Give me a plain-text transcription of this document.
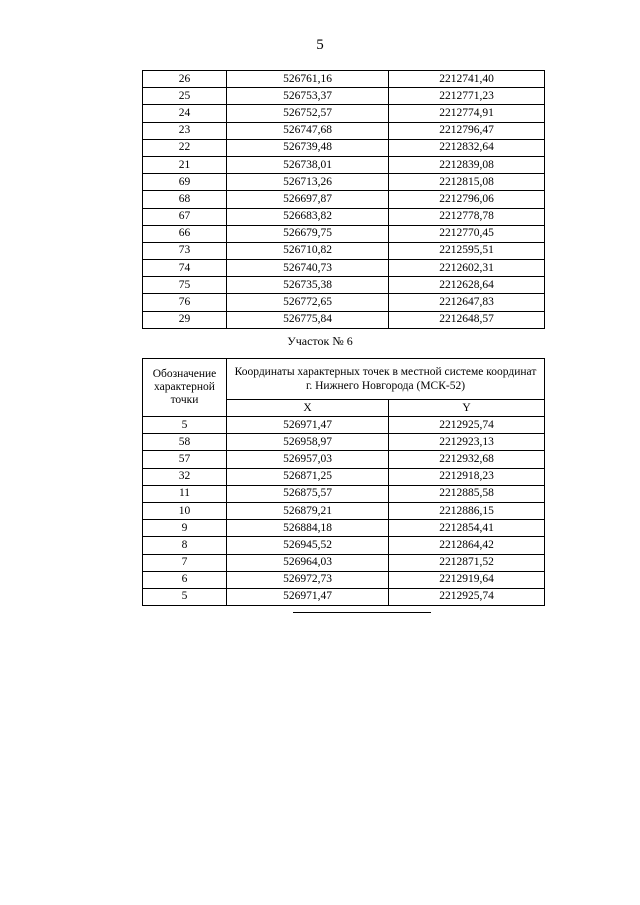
5
26	526761,16	2212741,40
25	526753,37	2212771,23
24	526752,57	2212774,91
23	526747,68	2212796,47
22	526739,48	2212832,64
21	526738,01	2212839,08
69	526713,26	2212815,08
68	526697,87	2212796,06
67	526683,82	2212778,78
66	526679,75	2212770,45
73	526710,82	2212595,51
74	526740,73	2212602,31
75	526735,38	2212628,64
76	526772,65	2212647,83
29	526775,84	2212648,57
Участок № 6
Обозначение характерной точки	Координаты характерных точек в местной системе координат г. Нижнего Новгорода (МСК-52)	
	X	Y
5	526971,47	2212925,74
58	526958,97	2212923,13
57	526957,03	2212932,68
32	526871,25	2212918,23
11	526875,57	2212885,58
10	526879,21	2212886,15
9	526884,18	2212854,41
8	526945,52	2212864,42
7	526964,03	2212871,52
6	526972,73	2212919,64
5	526971,47	2212925,74
